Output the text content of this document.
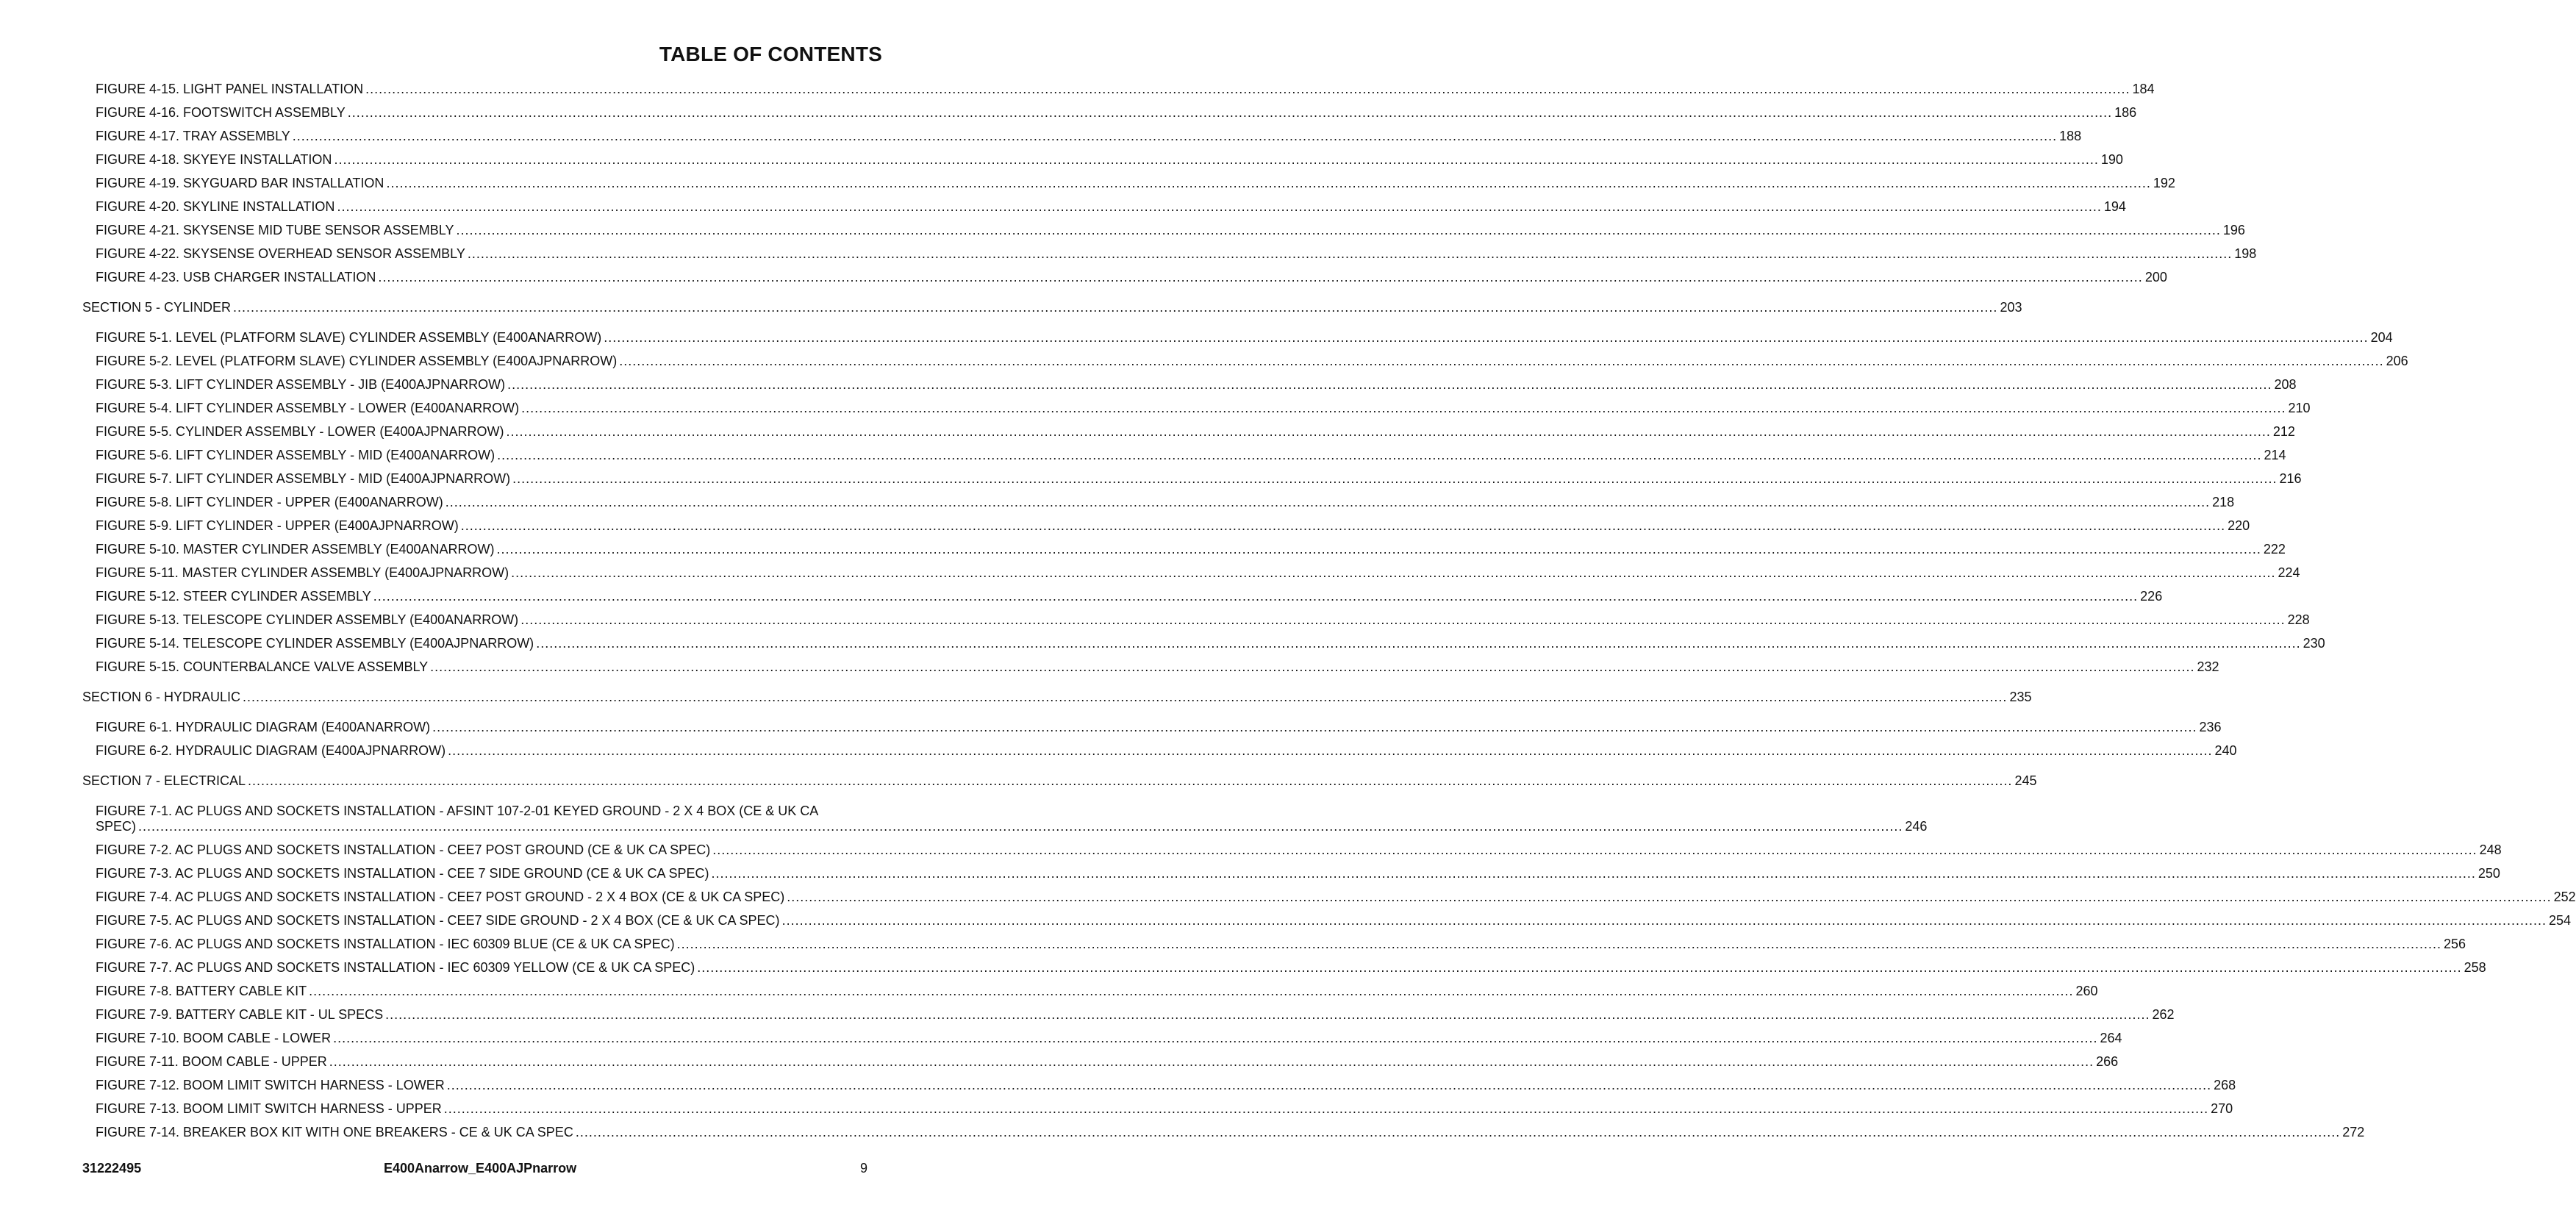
TABLE OF CONTENTS
FIGURE 4-15. LIGHT PANEL INSTALLATION ................................................................................................................................................................................................................................................................................................................................................................................................................ 184
FIGURE 4-16. FOOTSWITCH ASSEMBLY ................................................................................................................................................................................................................................................................................................................................................................................................................ 186
FIGURE 4-17. TRAY ASSEMBLY ................................................................................................................................................................................................................................................................................................................................................................................................................ 188
FIGURE 4-18. SKYEYE INSTALLATION ................................................................................................................................................................................................................................................................................................................................................................................................................ 190
FIGURE 4-19. SKYGUARD BAR INSTALLATION ................................................................................................................................................................................................................................................................................................................................................................................................................ 192
FIGURE 4-20. SKYLINE INSTALLATION ................................................................................................................................................................................................................................................................................................................................................................................................................ 194
FIGURE 4-21. SKYSENSE MID TUBE SENSOR ASSEMBLY ................................................................................................................................................................................................................................................................................................................................................................................................................ 196
FIGURE 4-22. SKYSENSE OVERHEAD SENSOR ASSEMBLY ................................................................................................................................................................................................................................................................................................................................................................................................................ 198
FIGURE 4-23. USB CHARGER INSTALLATION ................................................................................................................................................................................................................................................................................................................................................................................................................ 200
SECTION 5 - CYLINDER ................................................................................................................................................................................................................................................................................................................................................................................................................ 203
FIGURE 5-1. LEVEL (PLATFORM SLAVE) CYLINDER ASSEMBLY (E400ANARROW) ................................................................................................................................................................................................................................................................................................................................................................................................................ 204
FIGURE 5-2. LEVEL (PLATFORM SLAVE) CYLINDER ASSEMBLY (E400AJPNARROW) ................................................................................................................................................................................................................................................................................................................................................................................................................ 206
FIGURE 5-3. LIFT CYLINDER ASSEMBLY - JIB (E400AJPNARROW) ................................................................................................................................................................................................................................................................................................................................................................................................................ 208
FIGURE 5-4. LIFT CYLINDER ASSEMBLY - LOWER (E400ANARROW) ................................................................................................................................................................................................................................................................................................................................................................................................................ 210
FIGURE 5-5. CYLINDER ASSEMBLY - LOWER (E400AJPNARROW) ................................................................................................................................................................................................................................................................................................................................................................................................................ 212
FIGURE 5-6. LIFT CYLINDER ASSEMBLY - MID (E400ANARROW) ................................................................................................................................................................................................................................................................................................................................................................................................................ 214
FIGURE 5-7. LIFT CYLINDER ASSEMBLY - MID (E400AJPNARROW) ................................................................................................................................................................................................................................................................................................................................................................................................................ 216
FIGURE 5-8. LIFT CYLINDER - UPPER (E400ANARROW) ................................................................................................................................................................................................................................................................................................................................................................................................................ 218
FIGURE 5-9. LIFT CYLINDER - UPPER (E400AJPNARROW) ................................................................................................................................................................................................................................................................................................................................................................................................................ 220
FIGURE 5-10. MASTER CYLINDER ASSEMBLY (E400ANARROW) ................................................................................................................................................................................................................................................................................................................................................................................................................ 222
FIGURE 5-11. MASTER CYLINDER ASSEMBLY (E400AJPNARROW) ................................................................................................................................................................................................................................................................................................................................................................................................................ 224
FIGURE 5-12. STEER CYLINDER ASSEMBLY ................................................................................................................................................................................................................................................................................................................................................................................................................ 226
FIGURE 5-13. TELESCOPE CYLINDER ASSEMBLY (E400ANARROW) ................................................................................................................................................................................................................................................................................................................................................................................................................ 228
FIGURE 5-14. TELESCOPE CYLINDER ASSEMBLY (E400AJPNARROW) ................................................................................................................................................................................................................................................................................................................................................................................................................ 230
FIGURE 5-15. COUNTERBALANCE VALVE ASSEMBLY ................................................................................................................................................................................................................................................................................................................................................................................................................ 232
SECTION 6 - HYDRAULIC ................................................................................................................................................................................................................................................................................................................................................................................................................ 235
FIGURE 6-1. HYDRAULIC DIAGRAM (E400ANARROW) ................................................................................................................................................................................................................................................................................................................................................................................................................ 236
FIGURE 6-2. HYDRAULIC DIAGRAM (E400AJPNARROW) ................................................................................................................................................................................................................................................................................................................................................................................................................ 240
SECTION 7 - ELECTRICAL ................................................................................................................................................................................................................................................................................................................................................................................................................ 245
FIGURE 7-1. AC PLUGS AND SOCKETS INSTALLATION - AFSINT 107-2-01 KEYED GROUND - 2 X 4 BOX (CE & UK CA
SPEC) ................................................................................................................................................................................................................................................................................................................................................................................................................ 246
FIGURE 7-2. AC PLUGS AND SOCKETS INSTALLATION - CEE7 POST GROUND (CE & UK CA SPEC) ................................................................................................................................................................................................................................................................................................................................................................................................................ 248
FIGURE 7-3. AC PLUGS AND SOCKETS INSTALLATION - CEE 7 SIDE GROUND (CE & UK CA SPEC) ................................................................................................................................................................................................................................................................................................................................................................................................................ 250
FIGURE 7-4. AC PLUGS AND SOCKETS INSTALLATION - CEE7 POST GROUND - 2 X 4 BOX (CE & UK CA SPEC) ................................................................................................................................................................................................................................................................................................................................................................................................................ 252
FIGURE 7-5. AC PLUGS AND SOCKETS INSTALLATION - CEE7 SIDE GROUND - 2 X 4 BOX (CE & UK CA SPEC) ................................................................................................................................................................................................................................................................................................................................................................................................................ 254
FIGURE 7-6. AC PLUGS AND SOCKETS INSTALLATION - IEC 60309 BLUE (CE & UK CA SPEC) ................................................................................................................................................................................................................................................................................................................................................................................................................ 256
FIGURE 7-7. AC PLUGS AND SOCKETS INSTALLATION - IEC 60309 YELLOW (CE & UK CA SPEC) ................................................................................................................................................................................................................................................................................................................................................................................................................ 258
FIGURE 7-8. BATTERY CABLE KIT ................................................................................................................................................................................................................................................................................................................................................................................................................ 260
FIGURE 7-9. BATTERY CABLE KIT - UL SPECS ................................................................................................................................................................................................................................................................................................................................................................................................................ 262
FIGURE 7-10. BOOM CABLE - LOWER ................................................................................................................................................................................................................................................................................................................................................................................................................ 264
FIGURE 7-11. BOOM CABLE - UPPER ................................................................................................................................................................................................................................................................................................................................................................................................................ 266
FIGURE 7-12. BOOM LIMIT SWITCH HARNESS - LOWER ................................................................................................................................................................................................................................................................................................................................................................................................................ 268
FIGURE 7-13. BOOM LIMIT SWITCH HARNESS - UPPER ................................................................................................................................................................................................................................................................................................................................................................................................................ 270
FIGURE 7-14. BREAKER BOX KIT WITH ONE BREAKERS - CE & UK CA SPEC ................................................................................................................................................................................................................................................................................................................................................................................................................ 272
31222495	E400Anarrow_E400AJPnarrow	9
